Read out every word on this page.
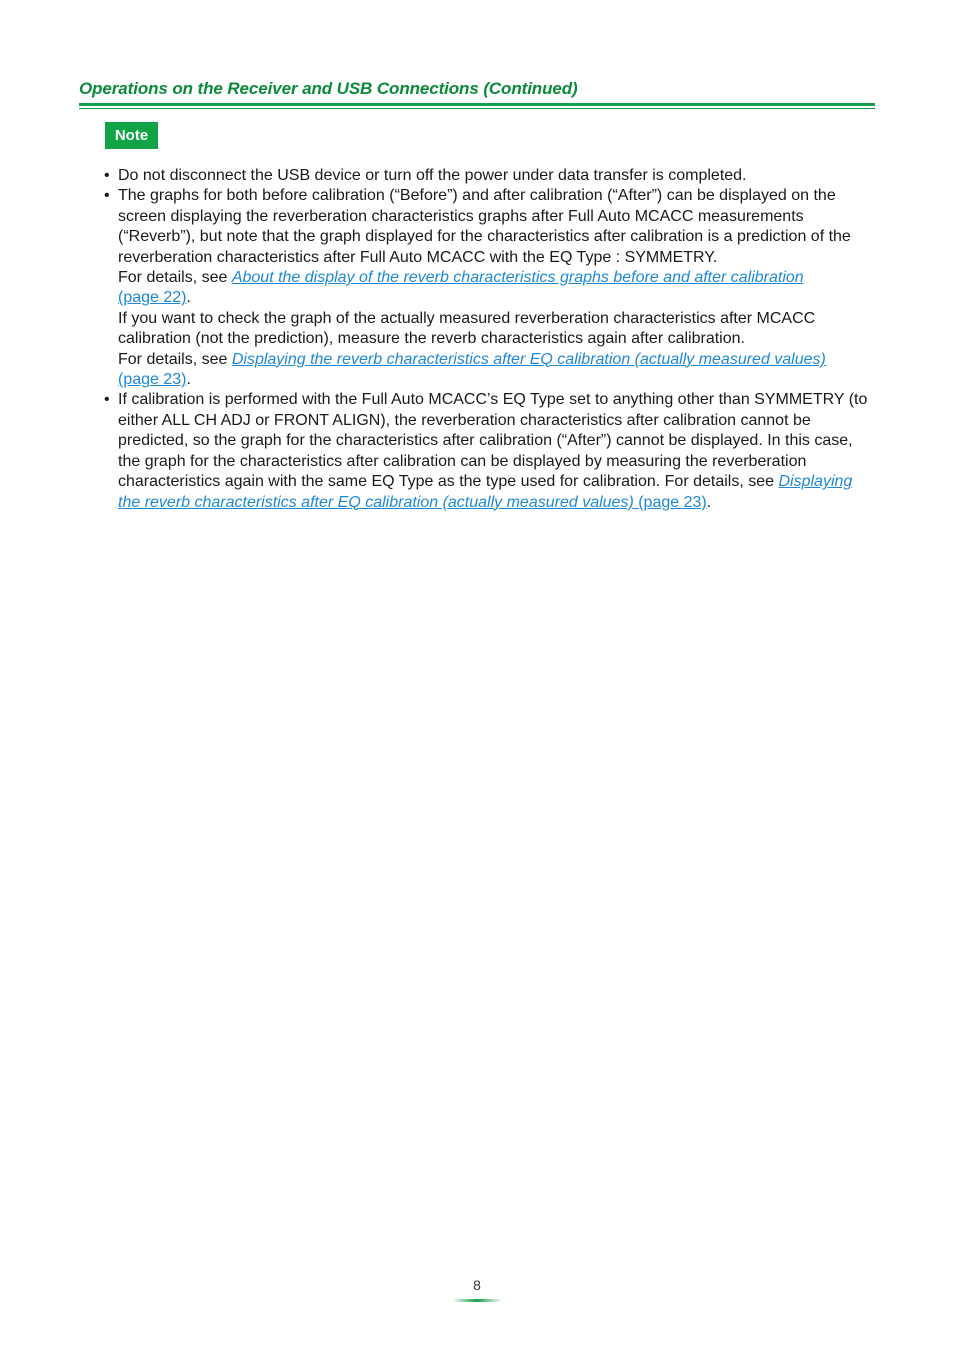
Operations on the Receiver and USB Connections (Continued)
Note
• Do not disconnect the USB device or turn off the power under data transfer is completed.

• The graphs for both before calibration (“Before”) and after calibration (“After”) can be displayed on the screen displaying the reverberation characteristics graphs after Full Auto MCACC measurements (“Reverb”), but note that the graph displayed for the characteristics after calibration is a prediction of the reverberation characteristics after Full Auto MCACC with the EQ Type : SYMMETRY.

For details, see About the display of the reverb characteristics graphs before and after calibration
(page 22).

If you want to check the graph of the actually measured reverberation characteristics after MCACC calibration (not the prediction), measure the reverb characteristics again after calibration.

For details, see Displaying the reverb characteristics after EQ calibration (actually measured values)
(page 23).

• If calibration is performed with the Full Auto MCACC’s EQ Type set to anything other than SYMMETRY (to either ALL CH ADJ or FRONT ALIGN), the reverberation characteristics after calibration cannot be predicted, so the graph for the characteristics after calibration (“After”) cannot be displayed. In this case, the graph for the characteristics after calibration can be displayed by measuring the reverberation characteristics again with the same EQ Type as the type used for calibration. For details, see Displaying the reverb characteristics after EQ calibration (actually measured values) (page 23).

8
